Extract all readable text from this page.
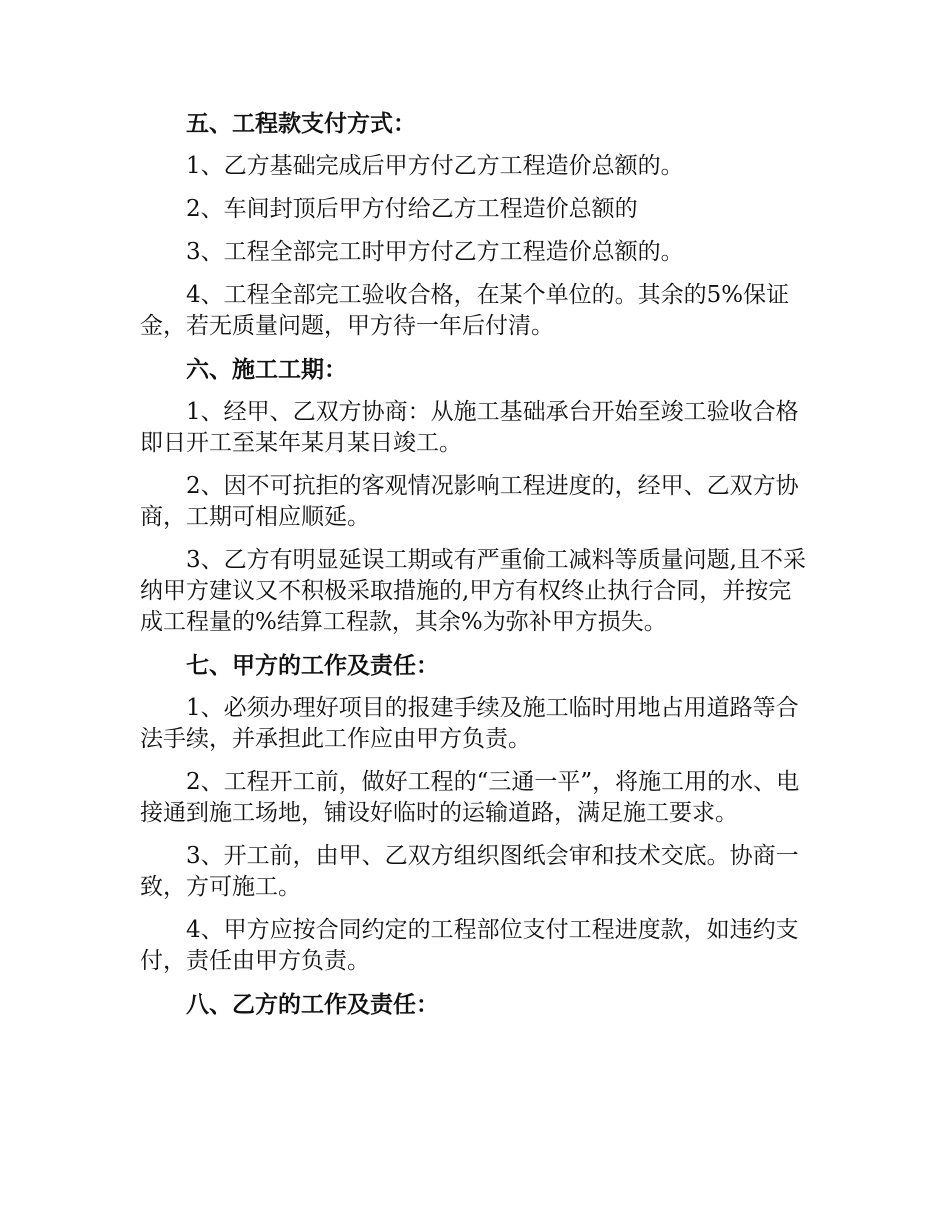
五、工程款支付方式：
1、乙方基础完成后甲方付乙方工程造价总额的。
2、车间封顶后甲方付给乙方工程造价总额的
3、工程全部完工时甲方付乙方工程造价总额的。
4、工程全部完工验收合格，在某个单位的。其余的5%保证金，若无质量问题，甲方待一年后付清。
六、施工工期：
1、经甲、乙双方协商：从施工基础承台开始至竣工验收合格即日开工至某年某月某日竣工。
2、因不可抗拒的客观情况影响工程进度的，经甲、乙双方协商，工期可相应顺延。
3、乙方有明显延误工期或有严重偷工减料等质量问题,且不采纳甲方建议又不积极采取措施的,甲方有权终止执行合同，并按完成工程量的%结算工程款，其余%为弥补甲方损失。
七、甲方的工作及责任：
1、必须办理好项目的报建手续及施工临时用地占用道路等合法手续，并承担此工作应由甲方负责。
2、工程开工前，做好工程的“三通一平”，将施工用的水、电接通到施工场地，铺设好临时的运输道路，满足施工要求。
3、开工前，由甲、乙双方组织图纸会审和技术交底。协商一致，方可施工。
4、甲方应按合同约定的工程部位支付工程进度款，如违约支付，责任由甲方负责。
八、乙方的工作及责任：
